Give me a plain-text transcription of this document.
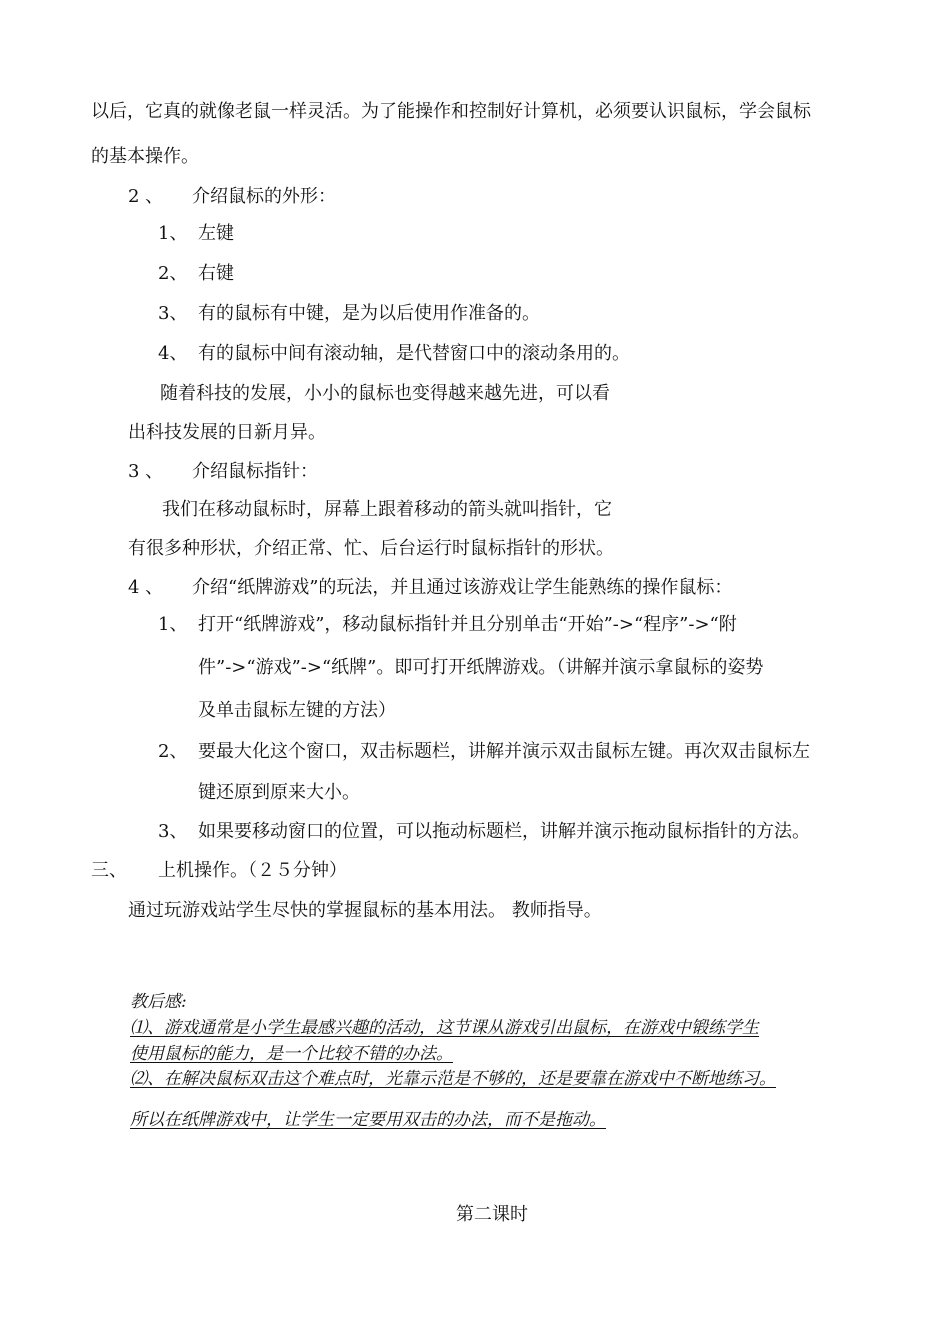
以后，它真的就像老鼠一样灵活。为了能操作和控制好计算机，必须要认识鼠标，学会鼠标
的基本操作。
2 、 介绍鼠标的外形：
1、 左键
2、 右键
3、 有的鼠标有中键，是为以后使用作准备的。
4、 有的鼠标中间有滚动轴，是代替窗口中的滚动条用的。
随着科技的发展，小小的鼠标也变得越来越先进，可以看
出科技发展的日新月异。
3 、 介绍鼠标指针：
我们在移动鼠标时，屏幕上跟着移动的箭头就叫指针，它
有很多种形状，介绍正常、忙、后台运行时鼠标指针的形状。
4 、 介绍“纸牌游戏”的玩法，并且通过该游戏让学生能熟练的操作鼠标：
1、 打开“纸牌游戏”，移动鼠标指针并且分别单击“开始”->“程序”->“附
件”->“游戏”->“纸牌”。即可打开纸牌游戏。（讲解并演示拿鼠标的姿势
及单击鼠标左键的方法）
2、 要最大化这个窗口，双击标题栏，讲解并演示双击鼠标左键。再次双击鼠标左
键还原到原来大小。
3、 如果要移动窗口的位置，可以拖动标题栏，讲解并演示拖动鼠标指针的方法。
三、 上机操作。（２５分钟）
通过玩游戏站学生尽快的掌握鼠标的基本用法。 教师指导。
教后感:
⑴、游戏通常是小学生最感兴趣的活动，这节课从游戏引出鼠标，在游戏中锻练学生
使用鼠标的能力，是一个比较不错的办法。
⑵、在解决鼠标双击这个难点时，光靠示范是不够的，还是要靠在游戏中不断地练习。
所以在纸牌游戏中，让学生一定要用双击的办法，而不是拖动。
第二课时
